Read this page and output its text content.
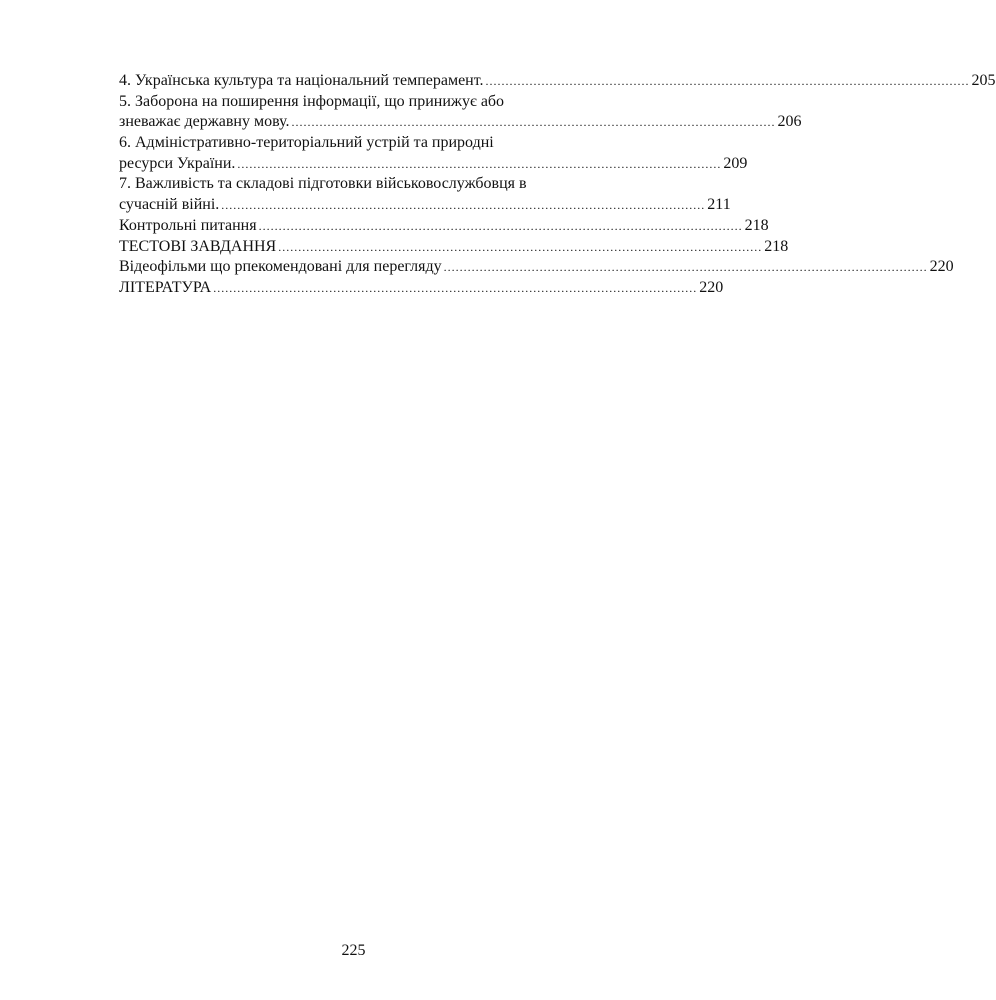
4. Українська культура та національний темперамент. ......................................................................................................................... 205
5. Заборона на поширення інформації, що принижує або
зневажає державну мову. ......................................................................................................................... 206
6. Адміністративно-територіальний устрій та природні
ресурси України. ......................................................................................................................... 209
7. Важливість та складові підготовки військовослужбовця в
сучасній війні. ......................................................................................................................... 211
Контрольні питання ......................................................................................................................... 218
ТЕСТОВІ ЗАВДАННЯ ......................................................................................................................... 218
Відеофільми що рпекомендовані для перегляду ......................................................................................................................... 220
ЛІТЕРАТУРА ......................................................................................................................... 220
225
